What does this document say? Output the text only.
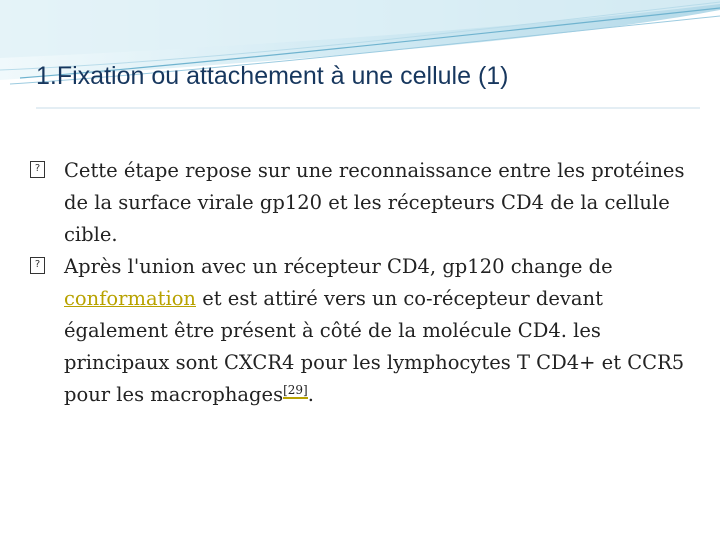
1.Fixation ou attachement à une cellule (1)

? Cette étape repose sur une reconnaissance entre les protéines de la surface virale gp120 et les récepteurs CD4 de la cellule cible.

? Après l'union avec un récepteur CD4, gp120 change de conformation et est attiré vers un co-récepteur devant également être présent à côté de la molécule CD4. les principaux sont CXCR4 pour les lymphocytes T CD4+ et CCR5 pour les macrophages[29].
